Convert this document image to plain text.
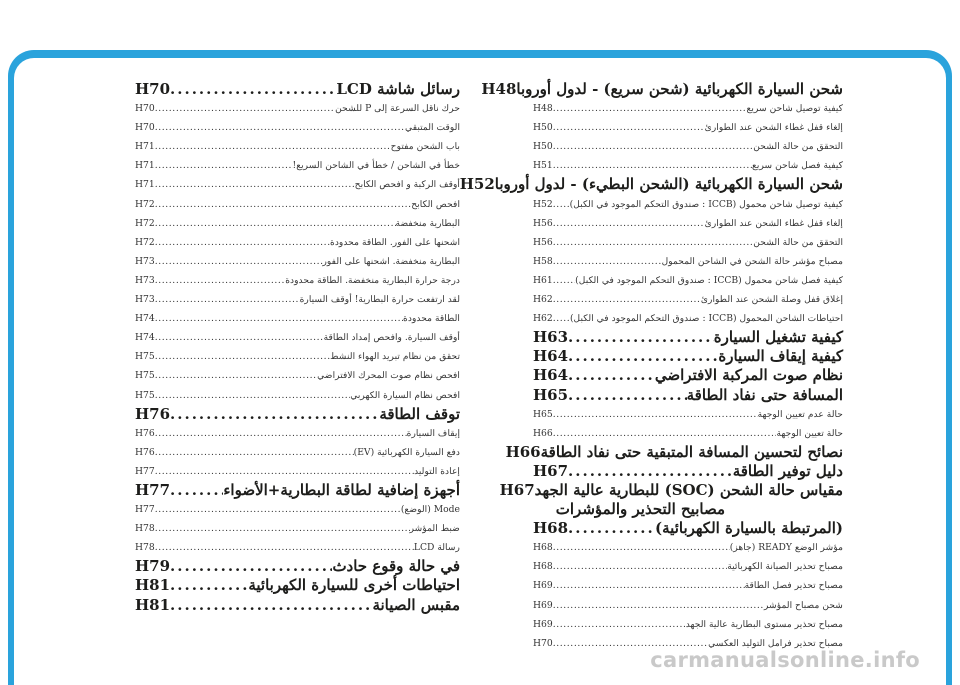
شحن السيارة الكهربائية (شحن سريع) - لدول أوروبا
H48
كيفية توصيل شاحن سريع
.....
H48
إلغاء قفل غطاء الشحن عند الطوارئ
.....
H50
التحقق من حالة الشحن
.....
H50
كيفية فصل شاحن سريع
.....
H51
شحن السيارة الكهربائية (الشحن البطيء) - لدول أوروبا
H52
كيفية توصيل شاحن محمول (ICCB : صندوق التحكم الموجود في الكبل)
.....
H52
إلغاء قفل غطاء الشحن عند الطوارئ
.....
H56
التحقق من حالة الشحن
.....
H56
مصباح مؤشر حالة الشحن في الشاحن المحمول
.....
H58
كيفية فصل شاحن محمول (ICCB : صندوق التحكم الموجود في الكبل)
.....
H61
إغلاق قفل وصلة الشحن عند الطوارئ
.....
H62
احتياطات الشاحن المحمول (ICCB : صندوق التحكم الموجود في الكبل)
.....
H62
كيفية تشغيل السيارة
.....
H63
كيفية إيقاف السيارة
.....
H64
نظام صوت المركبة الافتراضي
.....
H64
المسافة حتى نفاد الطاقة
.....
H65
حالة عدم تعيين الوجهة
.....
H65
حالة تعيين الوجهة
.....
H66
نصائح لتحسين المسافة المتبقية حتى نفاد الطاقة
H66
دليل توفير الطاقة
.....
H67
مقياس حالة الشحن (SOC) للبطارية عالية الجهد
H67
مصابيح التحذير والمؤشرات
(المرتبطة بالسيارة الكهربائية)
.....
H68
مؤشر الوضع READY (جاهز)
.....
H68
مصباح تحذير الصيانة الكهربائية
.....
H68
مصباح تحذير فصل الطاقة
.....
H69
شحن مصباح المؤشر
.....
H69
مصباح تحذير مستوى البطارية عالية الجهد
.....
H69
مصباح تحذير فرامل التوليد العكسي
.....
H70
رسائل شاشة LCD
.....
H70
حرك ناقل السرعة إلى P للشحن
.....
H70
الوقت المتبقي
.....
H70
باب الشحن مفتوح
.....
H71
خطأ في الشاحن / خطأ في الشاحن السريع!
.....
H71
أوقف الركبة و افحص الكابح
.....
H71
افحص الكابح
.....
H72
البطارية منخفضة
.....
H72
اشحنها على الفور. الطاقة محدودة
.....
H72
البطارية منخفضة. اشحنها على الفور
.....
H73
درجة حرارة البطارية منخفضة. الطاقة محدودة
.....
H73
لقد ارتفعت حرارة البطارية! أوقف السيارة
.....
H73
الطاقة محدودة
.....
H74
أوقف السيارة. وافحص إمداد الطاقة
.....
H74
تحقق من نظام تبريد الهواء النشط
.....
H75
افحص نظام صوت المحرك الافتراضي
.....
H75
افحص نظام السيارة الكهربي
.....
H75
توقف الطاقة
.....
H76
إيقاف السيارة
.....
H76
دفع السيارة الكهربائية (EV)
.....
H76
إعادة التوليد
.....
H77
أجهزة إضافية لطاقة البطارية+الأضواء
.....
H77
Mode (الوضع)
.....
H77
ضبط المؤشر
.....
H78
رسالة LCD
.....
H78
في حالة وقوع حادث
.....
H79
احتياطات أخرى للسيارة الكهربائية
.....
H81
مقبس الصيانة
.....
H81
carmanualsonline.info
